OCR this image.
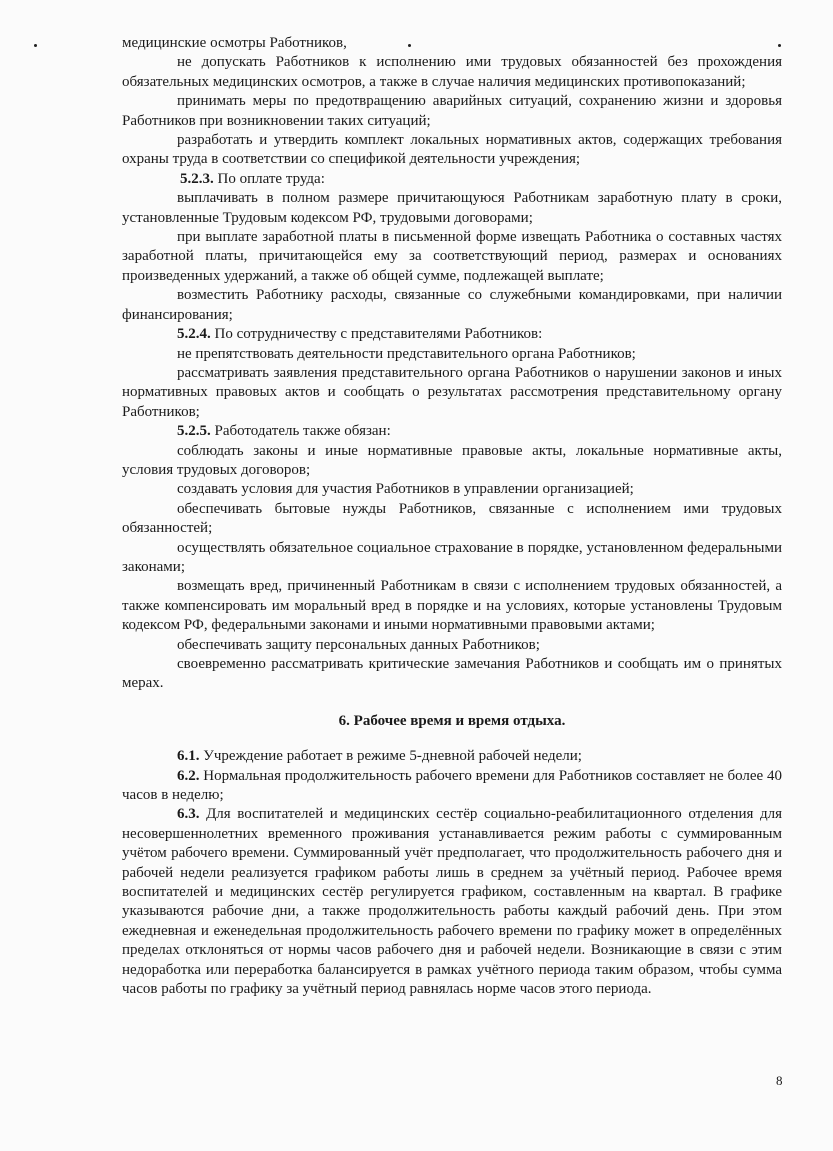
медицинские осмотры Работников,

не допускать Работников к исполнению ими трудовых обязанностей без прохождения обязательных медицинских осмотров, а также в случае наличия медицинских противопоказаний;

принимать меры по предотвращению аварийных ситуаций, сохранению жизни и здоровья Работников при возникновении таких ситуаций;

разработать и утвердить комплект локальных нормативных актов, содержащих требования охраны труда в соответствии со спецификой деятельности учреждения;

5.2.3. По оплате труда:

выплачивать в полном размере причитающуюся Работникам заработную плату в сроки, установленные Трудовым кодексом РФ, трудовыми договорами;

при выплате заработной платы в письменной форме извещать Работника о составных частях заработной платы, причитающейся ему за соответствующий период, размерах и основаниях произведенных удержаний, а также об общей сумме, подлежащей выплате;

возместить Работнику расходы, связанные со служебными командировками, при наличии финансирования;

5.2.4. По сотрудничеству с представителями Работников:

не препятствовать деятельности представительного органа Работников;

рассматривать заявления представительного органа Работников о нарушении законов и иных нормативных правовых актов и сообщать о результатах рассмотрения представительному органу Работников;

5.2.5. Работодатель также обязан:

соблюдать законы и иные нормативные правовые акты, локальные нормативные акты, условия трудовых договоров;

создавать условия для участия Работников в управлении организацией;

обеспечивать бытовые нужды Работников, связанные с исполнением ими трудовых обязанностей;

осуществлять обязательное социальное страхование в порядке, установленном федеральными законами;

возмещать вред, причиненный Работникам в связи с исполнением трудовых обязанностей, а также компенсировать им моральный вред в порядке и на условиях, которые установлены Трудовым кодексом РФ, федеральными законами и иными нормативными правовыми актами;

обеспечивать защиту персональных данных Работников;

своевременно рассматривать критические замечания Работников и сообщать им о принятых мерах.

6. Рабочее время и время отдыха.

6.1. Учреждение работает в режиме 5-дневной рабочей недели;

6.2. Нормальная продолжительность рабочего времени для Работников составляет не более 40 часов в неделю;

6.3. Для воспитателей и медицинских сестёр социально-реабилитационного отделения для несовершеннолетних временного проживания устанавливается режим работы с суммированным учётом рабочего времени. Суммированный учёт предполагает, что продолжительность рабочего дня и рабочей недели реализуется графиком работы лишь в среднем за учётный период. Рабочее время воспитателей и медицинских сестёр регулируется графиком, составленным на квартал. В графике указываются рабочие дни, а также продолжительность работы каждый рабочий день. При этом ежедневная и еженедельная продолжительность рабочего времени по графику может в определённых пределах отклоняться от нормы часов рабочего дня и рабочей недели. Возникающие в связи с этим недоработка или переработка балансируется в рамках учётного периода таким образом, чтобы сумма часов работы по графику за учётный период равнялась норме часов этого периода.

8
